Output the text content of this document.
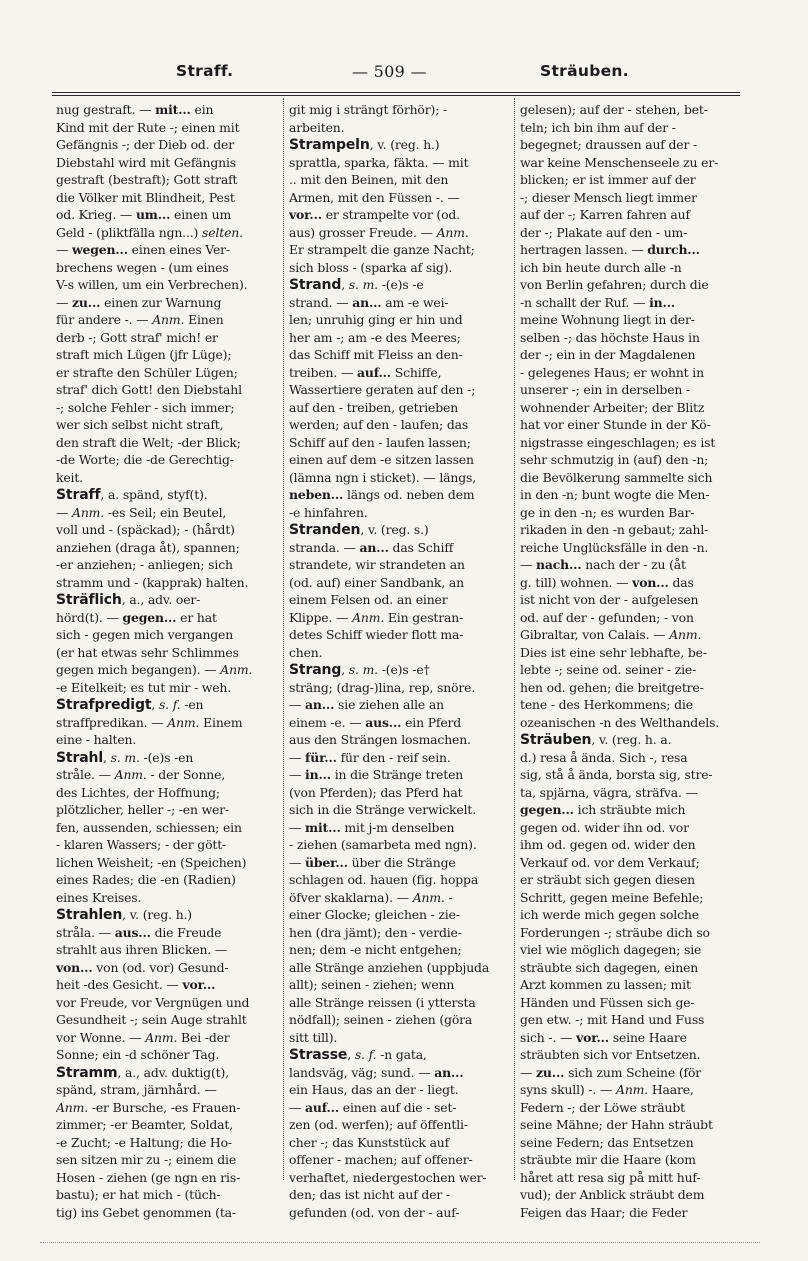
Straff.	— 509 —	Sträuben.
nug gestraft. — mit... ein
Kind mit der Rute -; einen mit
Gefängnis -; der Dieb od. der
Diebstahl wird mit Gefängnis
gestraft (bestraft); Gott straft
die Völker mit Blindheit, Pest
od. Krieg. — um... einen um
Geld - (pliktfälla ngn...) selten.
— wegen... einen eines Ver-
brechens wegen - (um eines
V-s willen, um ein Verbrechen).
— zu... einen zur Warnung
für andere -. — Anm. Einen
derb -; Gott straf' mich! er
straft mich Lügen (jfr Lüge);
er strafte den Schüler Lügen;
straf' dich Gott! den Diebstahl
-; solche Fehler - sich immer;
wer sich selbst nicht straft,
den straft die Welt; -der Blick;
-de Worte; die -de Gerechtig-
keit.
Straff, a. spänd, styf(t).
— Anm. -es Seil; ein Beutel,
voll und - (späckad); - (hårdt)
anziehen (draga åt), spannen;
-er anziehen; - anliegen; sich
stramm und - (kapprak) halten.
Sträflich, a., adv. oer-
hörd(t). — gegen... er hat
sich - gegen mich vergangen
(er hat etwas sehr Schlimmes
gegen mich begangen). — Anm.
-e Eitelkeit; es tut mir - weh.
Strafpredigt, s. f. -en
straffpredikan. — Anm. Einem
eine - halten.
Strahl, s. m. -(e)s -en
stråle. — Anm. - der Sonne,
des Lichtes, der Hoffnung;
plötzlicher, heller -; -en wer-
fen, aussenden, schiessen; ein
- klaren Wassers; - der gött-
lichen Weisheit; -en (Speichen)
eines Rades; die -en (Radien)
eines Kreises.
Strahlen, v. (reg. h.)
stråla. — aus... die Freude
strahlt aus ihren Blicken. —
von... von (od. vor) Gesund-
heit -des Gesicht. — vor...
vor Freude, vor Vergnügen und
Gesundheit -; sein Auge strahlt
vor Wonne. — Anm. Bei -der
Sonne; ein -d schöner Tag.
Stramm, a., adv. duktig(t),
spänd, stram, järnhård. —
Anm. -er Bursche, -es Frauen-
zimmer; -er Beamter, Soldat,
-e Zucht; -e Haltung; die Ho-
sen sitzen mir zu -; einem die
Hosen - ziehen (ge ngn en ris-
bastu); er hat mich - (tüch-
tig) ins Gebet genommen (ta-
git mig i strängt förhör); -
arbeiten.
Strampeln, v. (reg. h.)
sprattla, sparka, fäkta. — mit
.. mit den Beinen, mit den
Armen, mit den Füssen -. —
vor... er strampelte vor (od.
aus) grosser Freude. — Anm.
Er strampelt die ganze Nacht;
sich bloss - (sparka af sig).
Strand, s. m. -(e)s -e
strand. — an... am -e wei-
len; unruhig ging er hin und
her am -; am -e des Meeres;
das Schiff mit Fleiss an den-
treiben. — auf... Schiffe,
Wassertiere geraten auf den -;
auf den - treiben, getrieben
werden; auf den - laufen; das
Schiff auf den - laufen lassen;
einen auf dem -e sitzen lassen
(lämna ngn i sticket). — längs,
neben... längs od. neben dem
-e hinfahren.
Stranden, v. (reg. s.)
stranda. — an... das Schiff
strandete, wir strandeten an
(od. auf) einer Sandbank, an
einem Felsen od. an einer
Klippe. — Anm. Ein gestran-
detes Schiff wieder flott ma-
chen.
Strang, s. m. -(e)s -e†
sträng; (drag-)lina, rep, snöre.
— an... sie ziehen alle an
einem -e. — aus... ein Pferd
aus den Strängen losmachen.
— für... für den - reif sein.
— in... in die Stränge treten
(von Pferden); das Pferd hat
sich in die Stränge verwickelt.
— mit... mit j-m denselben
- ziehen (samarbeta med ngn).
— über... über die Stränge
schlagen od. hauen (fig. hoppa
öfver skaklarna). — Anm. -
einer Glocke; gleichen - zie-
hen (dra jämt); den - verdie-
nen; dem -e nicht entgehen;
alle Stränge anziehen (uppbjuda
allt); seinen - ziehen; wenn
alle Stränge reissen (i yttersta
nödfall); seinen - ziehen (göra
sitt till).
Strasse, s. f. -n gata,
landsväg, väg; sund. — an...
ein Haus, das an der - liegt.
— auf... einen auf die - set-
zen (od. werfen); auf öffentli-
cher -; das Kunststück auf
offener - machen; auf offener-
verhaftet, niedergestochen wer-
den; das ist nicht auf der -
gefunden (od. von der - auf-
gelesen); auf der - stehen, bet-
teln; ich bin ihm auf der -
begegnet; draussen auf der -
war keine Menschenseele zu er-
blicken; er ist immer auf der
-; dieser Mensch liegt immer
auf der -; Karren fahren auf
der -; Plakate auf den - um-
hertragen lassen. — durch...
ich bin heute durch alle -n
von Berlin gefahren; durch die
-n schallt der Ruf. — in...
meine Wohnung liegt in der-
selben -; das höchste Haus in
der -; ein in der Magdalenen
- gelegenes Haus; er wohnt in
unserer -; ein in derselben -
wohnender Arbeiter; der Blitz
hat vor einer Stunde in der Kö-
nigstrasse eingeschlagen; es ist
sehr schmutzig in (auf) den -n;
die Bevölkerung sammelte sich
in den -n; bunt wogte die Men-
ge in den -n; es wurden Bar-
rikaden in den -n gebaut; zahl-
reiche Unglücksfälle in den -n.
— nach... nach der - zu (åt
g. till) wohnen. — von... das
ist nicht von der - aufgelesen
od. auf der - gefunden; - von
Gibraltar, von Calais. — Anm.
Dies ist eine sehr lebhafte, be-
lebte -; seine od. seiner - zie-
hen od. gehen; die breitgetre-
tene - des Herkommens; die
ozeanischen -n des Welthandels.
Sträuben, v. (reg. h. a.
d.) resa å ända. Sich -, resa
sig, stå å ända, borsta sig, stre-
ta, spjärna, vägra, sträfva. —
gegen... ich sträubte mich
gegen od. wider ihn od. vor
ihm od. gegen od. wider den
Verkauf od. vor dem Verkauf;
er sträubt sich gegen diesen
Schritt, gegen meine Befehle;
ich werde mich gegen solche
Forderungen -; sträube dich so
viel wie möglich dagegen; sie
sträubte sich dagegen, einen
Arzt kommen zu lassen; mit
Händen und Füssen sich ge-
gen etw. -; mit Hand und Fuss
sich -. — vor... seine Haare
sträubten sich vor Entsetzen.
— zu... sich zum Scheine (för
syns skull) -. — Anm. Haare,
Federn -; der Löwe sträubt
seine Mähne; der Hahn sträubt
seine Federn; das Entsetzen
sträubte mir die Haare (kom
håret att resa sig på mitt huf-
vud); der Anblick sträubt dem
Feigen das Haar; die Feder
